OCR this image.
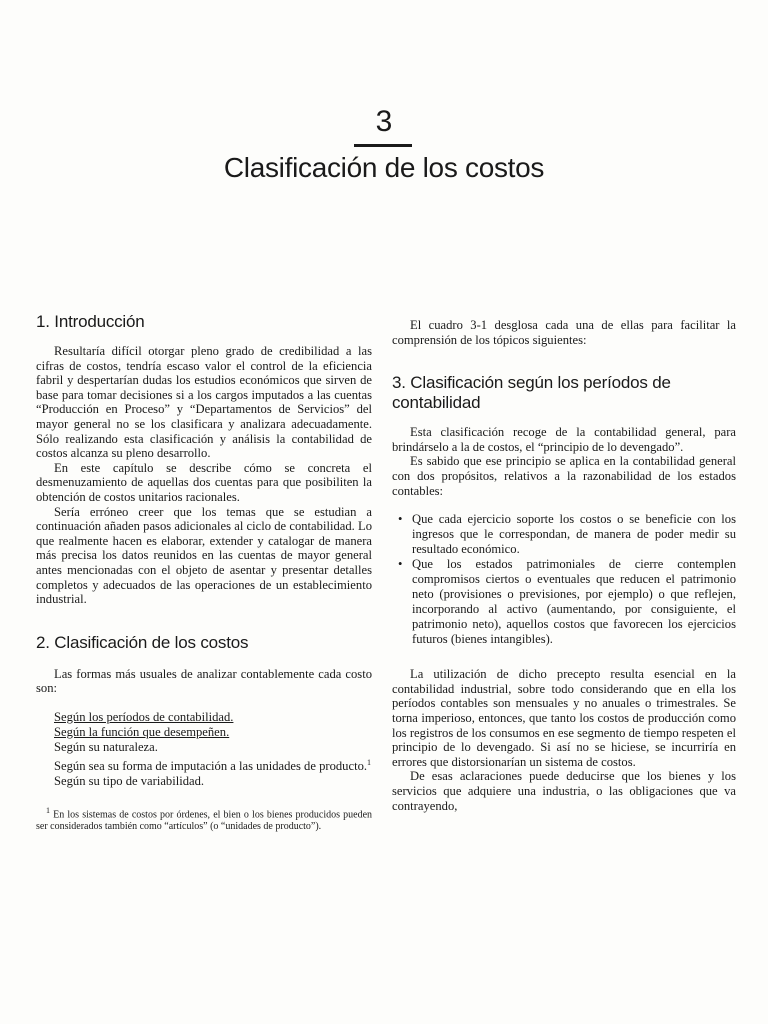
3
Clasificación de los costos
1. Introducción

Resultaría difícil otorgar pleno grado de credibilidad a las cifras de costos, tendría escaso valor el control de la eficiencia fabril y despertarían dudas los estudios económicos que sirven de base para tomar decisiones si a los cargos imputados a las cuentas “Producción en Proceso” y “Departamentos de Servicios” del mayor general no se los clasificara y analizara adecuadamente. Sólo realizando esta clasificación y análisis la contabilidad de costos alcanza su pleno desarrollo.

En este capítulo se describe cómo se concreta el desmenuzamiento de aquellas dos cuentas para que posibiliten la obtención de costos unitarios racionales.

Sería erróneo creer que los temas que se estudian a continuación añaden pasos adicionales al ciclo de contabilidad. Lo que realmente hacen es elaborar, extender y catalogar de manera más precisa los datos reunidos en las cuentas de mayor general antes mencionadas con el objeto de asentar y presentar detalles completos y adecuados de las operaciones de un establecimiento industrial.

2. Clasificación de los costos

Las formas más usuales de analizar contablemente cada costo son:

Según los períodos de contabilidad.
Según la función que desempeñen.
Según su naturaleza.
Según sea su forma de imputación a las unidades de producto.$^1$
Según su tipo de variabilidad.

$^1$ En los sistemas de costos por órdenes, el bien o los bienes producidos pueden ser considerados también como “artículos” (o “unidades de producto”).

El cuadro 3-1 desglosa cada una de ellas para facilitar la comprensión de los tópicos siguientes:

3. Clasificación según los períodos de contabilidad

Esta clasificación recoge de la contabilidad general, para brindárselo a la de costos, el “principio de lo devengado”.

Es sabido que ese principio se aplica en la contabilidad general con dos propósitos, relativos a la razonabilidad de los estados contables:

• Que cada ejercicio soporte los costos o se beneficie con los ingresos que le correspondan, de manera de poder medir su resultado económico.
• Que los estados patrimoniales de cierre contemplen compromisos ciertos o eventuales que reducen el patrimonio neto (provisiones o previsiones, por ejemplo) o que reflejen, incorporando al activo (aumentando, por consiguiente, el patrimonio neto), aquellos costos que favorecen los ejercicios futuros (bienes intangibles).

La utilización de dicho precepto resulta esencial en la contabilidad industrial, sobre todo considerando que en ella los períodos contables son mensuales y no anuales o trimestrales. Se torna imperioso, entonces, que tanto los costos de producción como los registros de los consumos en ese segmento de tiempo respeten el principio de lo devengado. Si así no se hiciese, se incurriría en errores que distorsionarían un sistema de costos.

De esas aclaraciones puede deducirse que los bienes y los servicios que adquiere una industria, o las obligaciones que va contrayendo,
